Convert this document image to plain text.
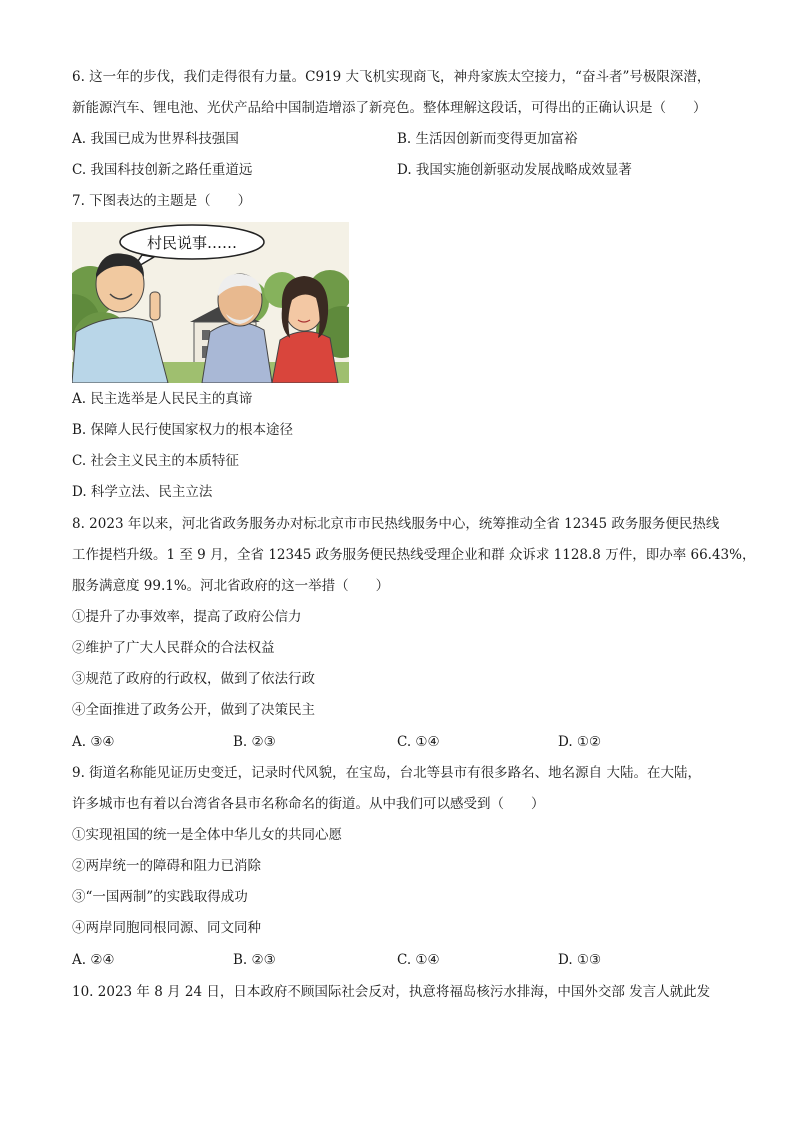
6. 这一年的步伐，我们走得很有力量。C919 大飞机实现商飞，神舟家族太空接力，“奋斗者”号极限深潜，
新能源汽车、锂电池、光伏产品给中国制造增添了新亮色。整体理解这段话，可得出的正确认识是（　　）
A. 我国已成为世界科技强国	B. 生活因创新而变得更加富裕
C. 我国科技创新之路任重道远	D. 我国实施创新驱动发展战略成效显著
7. 下图表达的主题是（　　）
村民说事……
A. 民主选举是人民民主的真谛
B. 保障人民行使国家权力的根本途径
C. 社会主义民主的本质特征
D. 科学立法、民主立法
8. 2023 年以来，河北省政务服务办对标北京市市民热线服务中心，统筹推动全省 12345 政务服务便民热线
工作提档升级。1 至 9 月，全省 12345 政务服务便民热线受理企业和群 众诉求 1128.8 万件，即办率 66.43%，
服务满意度 99.1%。河北省政府的这一举措（　　）
①提升了办事效率，提高了政府公信力
②维护了广大人民群众的合法权益
③规范了政府的行政权，做到了依法行政
④全面推进了政务公开，做到了决策民主
A. ③④	B. ②③	C. ①④	D. ①②
9. 街道名称能见证历史变迁，记录时代风貌，在宝岛，台北等县市有很多路名、地名源自 大陆。在大陆，
许多城市也有着以台湾省各县市名称命名的街道。从中我们可以感受到（　　）
①实现祖国的统一是全体中华儿女的共同心愿
②两岸统一的障碍和阻力已消除
③“一国两制”的实践取得成功
④两岸同胞同根同源、同文同种
A. ②④	B. ②③	C. ①④	D. ①③
10. 2023 年 8 月 24 日，日本政府不顾国际社会反对，执意将福岛核污水排海，中国外交部 发言人就此发
